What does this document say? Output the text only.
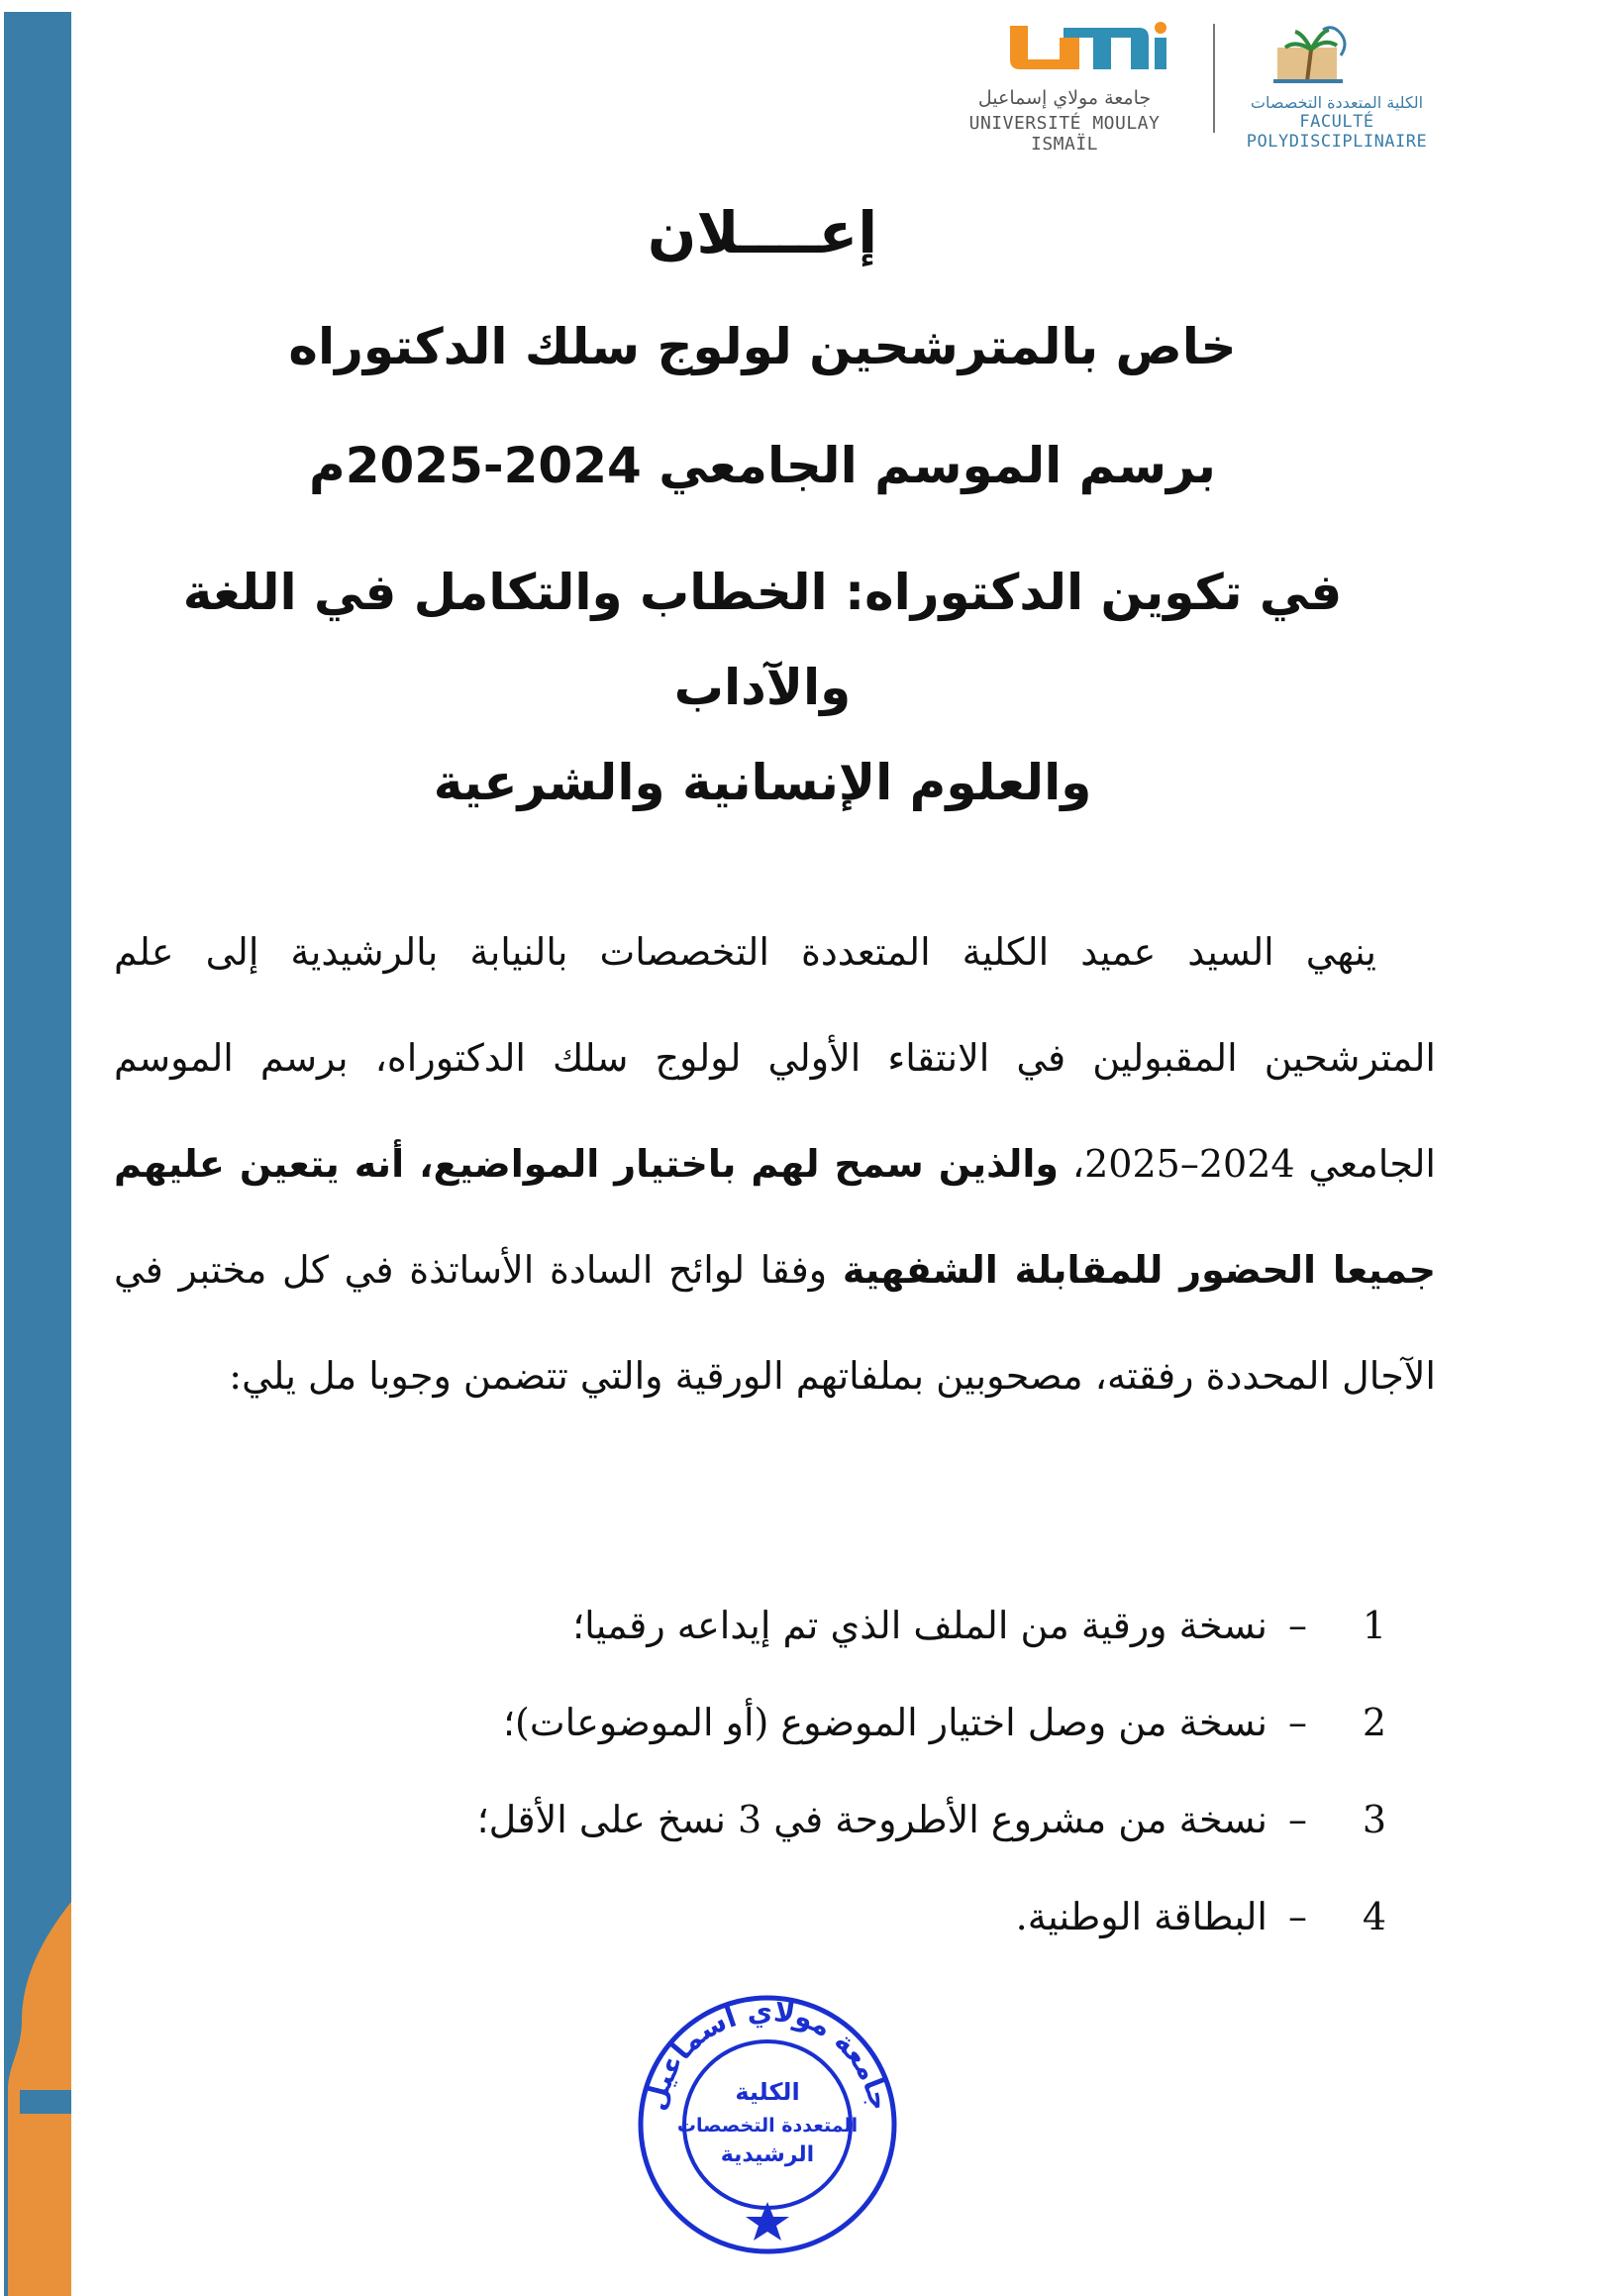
جامعة مولاي إسماعيل
UNIVERSITÉ MOULAY ISMAÏL
الكلية المتعددة التخصصات
FACULTÉ POLYDISCIPLINAIRE

إعــــلان

خاص بالمترشحين لولوج سلك الدكتوراه

برسم الموسم الجامعي 2024-2025م

في تكوين الدكتوراه: الخطاب والتكامل في اللغة والآداب

والعلوم الإنسانية والشرعية

ينهي السيد عميد الكلية المتعددة التخصصات بالنيابة بالرشيدية إلى علم المترشحين المقبولين في الانتقاء الأولي لولوج سلك الدكتوراه، برسم الموسم الجامعي 2024–2025، والذين سمح لهم باختيار المواضيع، أنه يتعين عليهم جميعا الحضور للمقابلة الشفهية وفقا لوائح السادة الأساتذة في كل مختبر في الآجال المحددة رفقته، مصحوبين بملفاتهم الورقية والتي تتضمن وجوبا مل يلي:
1
–
نسخة ورقية من الملف الذي تم إيداعه رقميا؛
2
–
نسخة من وصل اختيار الموضوع (أو الموضوعات)؛
3
–
نسخة من مشروع الأطروحة في 3 نسخ على الأقل؛
4
–
البطاقة الوطنية.
جامعة مولاي اسماعيل
الكلية
المتعددة التخصصات
الرشيدية
